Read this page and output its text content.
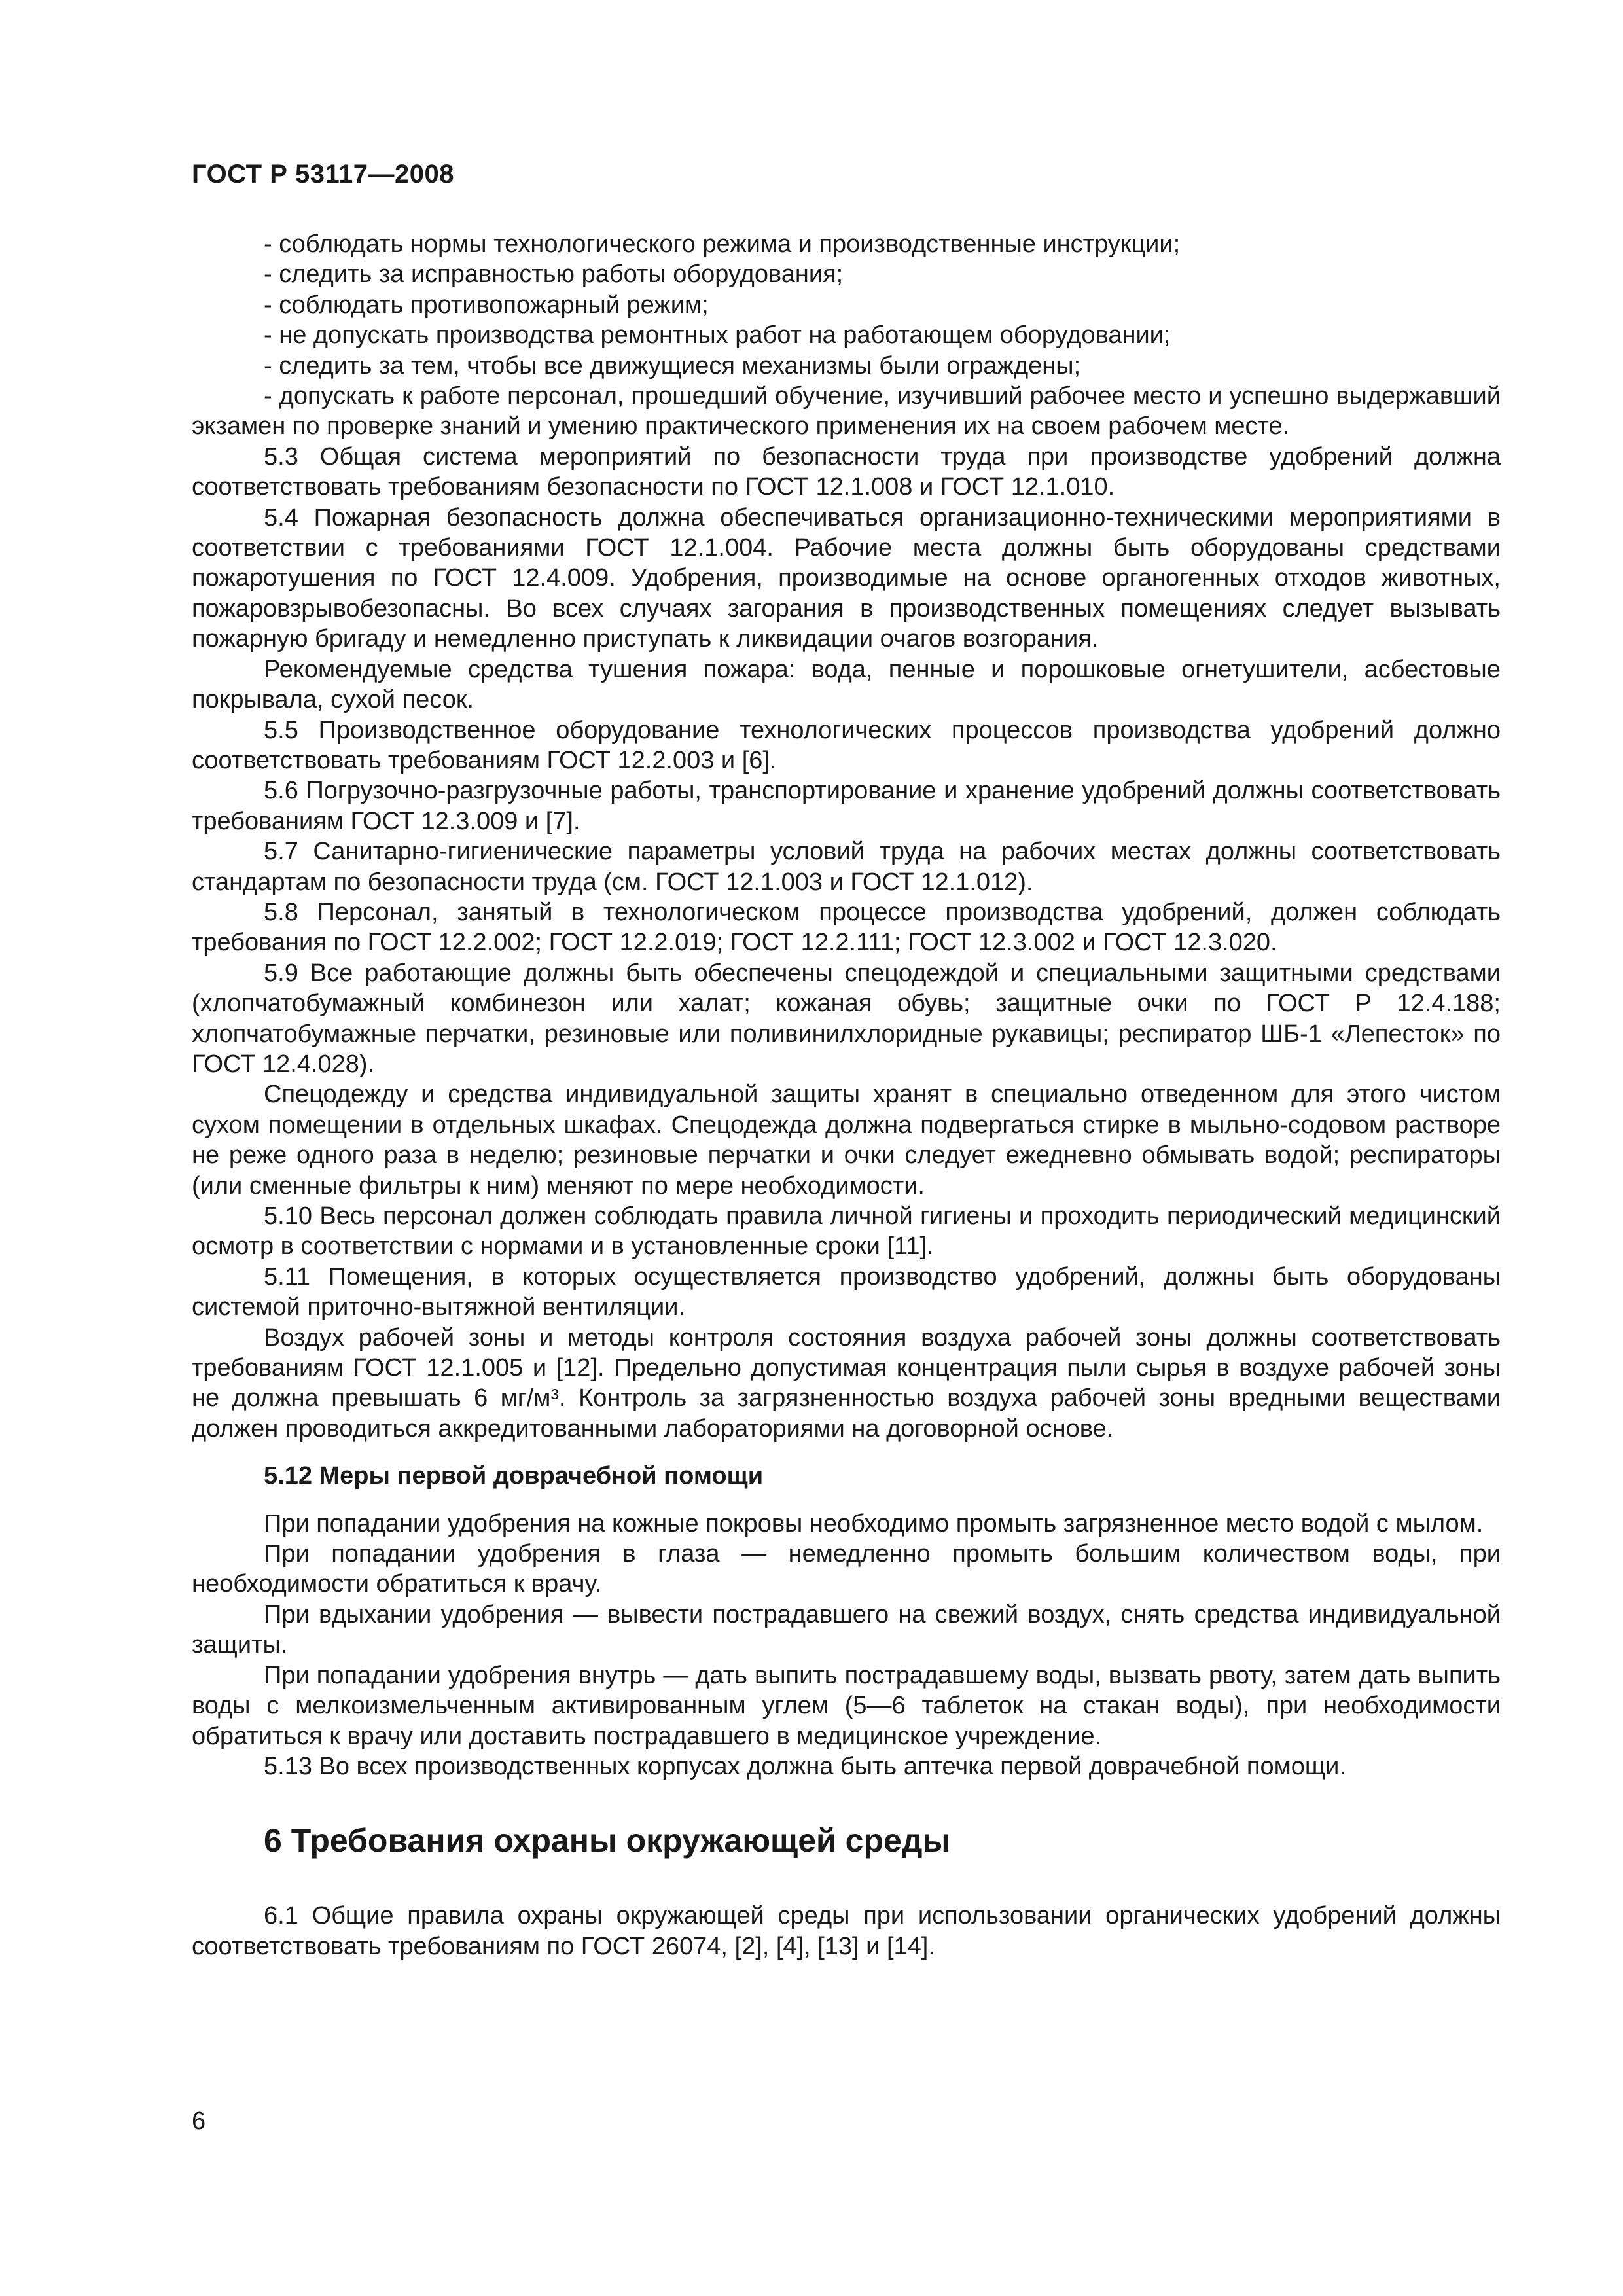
ГОСТ Р 53117—2008

- соблюдать нормы технологического режима и производственные инструкции;

- следить за исправностью работы оборудования;

- соблюдать противопожарный режим;

- не допускать производства ремонтных работ на работающем оборудовании;

- следить за тем, чтобы все движущиеся механизмы были ограждены;

- допускать к работе персонал, прошедший обучение, изучивший рабочее место и успешно выдержавший экзамен по проверке знаний и умению практического применения их на своем рабочем месте.

5.3 Общая система мероприятий по безопасности труда при производстве удобрений должна соответствовать требованиям безопасности по ГОСТ 12.1.008 и ГОСТ 12.1.010.

5.4 Пожарная безопасность должна обеспечиваться организационно-техническими мероприятиями в соответствии с требованиями ГОСТ 12.1.004. Рабочие места должны быть оборудованы средствами пожаротушения по ГОСТ 12.4.009. Удобрения, производимые на основе органогенных отходов животных, пожаровзрывобезопасны. Во всех случаях загорания в производственных помещениях следует вызывать пожарную бригаду и немедленно приступать к ликвидации очагов возгорания.

Рекомендуемые средства тушения пожара: вода, пенные и порошковые огнетушители, асбестовые покрывала, сухой песок.

5.5 Производственное оборудование технологических процессов производства удобрений должно соответствовать требованиям ГОСТ 12.2.003 и [6].

5.6 Погрузочно-разгрузочные работы, транспортирование и хранение удобрений должны соответствовать требованиям ГОСТ 12.3.009 и [7].

5.7 Санитарно-гигиенические параметры условий труда на рабочих местах должны соответствовать стандартам по безопасности труда (см. ГОСТ 12.1.003 и ГОСТ 12.1.012).

5.8 Персонал, занятый в технологическом процессе производства удобрений, должен соблюдать требования по ГОСТ 12.2.002; ГОСТ 12.2.019; ГОСТ 12.2.111; ГОСТ 12.3.002 и ГОСТ 12.3.020.

5.9 Все работающие должны быть обеспечены спецодеждой и специальными защитными средствами (хлопчатобумажный комбинезон или халат; кожаная обувь; защитные очки по ГОСТ Р 12.4.188; хлопчатобумажные перчатки, резиновые или поливинилхлоридные рукавицы; респиратор ШБ-1 «Лепесток» по ГОСТ 12.4.028).

Спецодежду и средства индивидуальной защиты хранят в специально отведенном для этого чистом сухом помещении в отдельных шкафах. Спецодежда должна подвергаться стирке в мыльно-содовом растворе не реже одного раза в неделю; резиновые перчатки и очки следует ежедневно обмывать водой; респираторы (или сменные фильтры к ним) меняют по мере необходимости.

5.10 Весь персонал должен соблюдать правила личной гигиены и проходить периодический медицинский осмотр в соответствии с нормами и в установленные сроки [11].

5.11 Помещения, в которых осуществляется производство удобрений, должны быть оборудованы системой приточно-вытяжной вентиляции.

Воздух рабочей зоны и методы контроля состояния воздуха рабочей зоны должны соответствовать требованиям ГОСТ 12.1.005 и [12]. Предельно допустимая концентрация пыли сырья в воздухе рабочей зоны не должна превышать 6 мг/м³. Контроль за загрязненностью воздуха рабочей зоны вредными веществами должен проводиться аккредитованными лабораториями на договорной основе.

5.12 Меры первой доврачебной помощи

При попадании удобрения на кожные покровы необходимо промыть загрязненное место водой с мылом.

При попадании удобрения в глаза — немедленно промыть большим количеством воды, при необходимости обратиться к врачу.

При вдыхании удобрения — вывести пострадавшего на свежий воздух, снять средства индивидуальной защиты.

При попадании удобрения внутрь — дать выпить пострадавшему воды, вызвать рвоту, затем дать выпить воды с мелкоизмельченным активированным углем (5—6 таблеток на стакан воды), при необходимости обратиться к врачу или доставить пострадавшего в медицинское учреждение.

5.13 Во всех производственных корпусах должна быть аптечка первой доврачебной помощи.

6 Требования охраны окружающей среды

6.1 Общие правила охраны окружающей среды при использовании органических удобрений должны соответствовать требованиям по ГОСТ 26074, [2], [4], [13] и [14].

6
